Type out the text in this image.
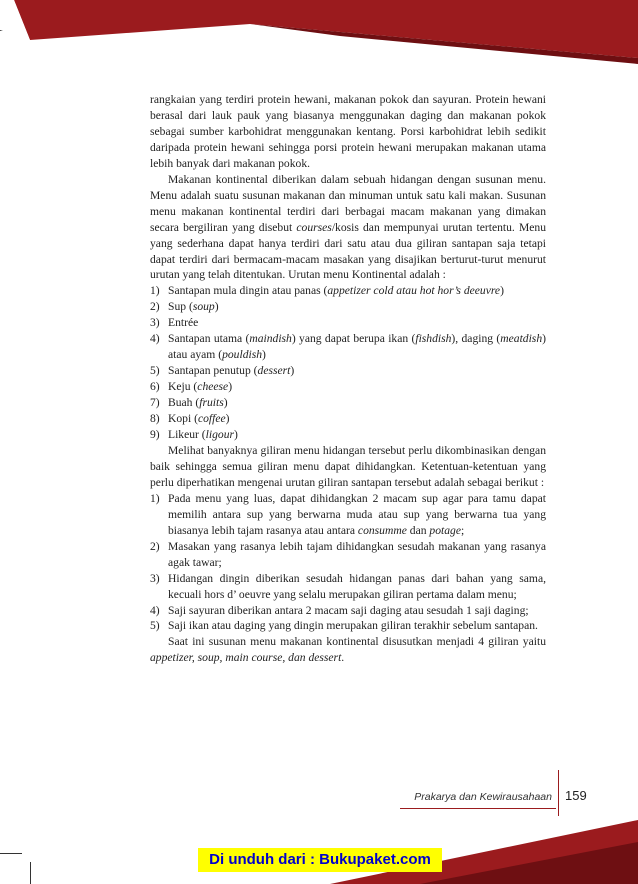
rangkaian yang terdiri protein hewani, makanan pokok dan sayuran. Protein hewani berasal dari lauk pauk yang biasanya menggunakan daging dan makanan pokok sebagai sumber karbohidrat menggunakan kentang. Porsi karbohidrat lebih sedikit daripada protein hewani sehingga porsi protein hewani merupakan makanan utama lebih banyak dari makanan pokok.

Makanan kontinental diberikan dalam sebuah hidangan dengan susunan menu. Menu adalah suatu susunan makanan dan minuman untuk satu kali makan. Susunan menu makanan kontinental terdiri dari berbagai macam makanan yang dimakan secara bergiliran yang disebut courses/kosis dan mempunyai urutan tertentu. Menu yang sederhana dapat hanya terdiri dari satu atau dua giliran santapan saja tetapi dapat terdiri dari bermacam-macam masakan yang disajikan berturut-turut menurut urutan yang telah ditentukan. Urutan menu Kontinental adalah :

1) Santapan mula dingin atau panas (appetizer cold atau hot hor’s deeuvre)
2) Sup (soup)
3) Entrée
4) Santapan utama (maindish) yang dapat berupa ikan (fishdish), daging (meatdish) atau ayam (pouldish)
5) Santapan penutup (dessert)
6) Keju (cheese)
7) Buah (fruits)
8) Kopi (coffee)
9) Likeur (ligour)

Melihat banyaknya giliran menu hidangan tersebut perlu dikombinasikan dengan baik sehingga semua giliran menu dapat dihidangkan. Ketentuan-ketentuan yang perlu diperhatikan mengenai urutan giliran santapan tersebut adalah sebagai berikut :

1) Pada menu yang luas, dapat dihidangkan 2 macam sup agar para tamu dapat memilih antara sup yang berwarna muda atau sup yang berwarna tua yang biasanya lebih tajam rasanya atau antara consumme dan potage;
2) Masakan yang rasanya lebih tajam dihidangkan sesudah makanan yang rasanya agak tawar;
3) Hidangan dingin diberikan sesudah hidangan panas dari bahan yang sama, kecuali hors d’ oeuvre yang selalu merupakan giliran pertama dalam menu;
4) Saji sayuran diberikan antara 2 macam saji daging atau sesudah 1 saji daging;
5) Saji ikan atau daging yang dingin merupakan giliran terakhir sebelum santapan.

Saat ini susunan menu makanan kontinental disusutkan menjadi 4 giliran yaitu appetizer, soup, main course, dan dessert.

Prakarya dan Kewirausahaan 159
Di unduh dari : Bukupaket.com
